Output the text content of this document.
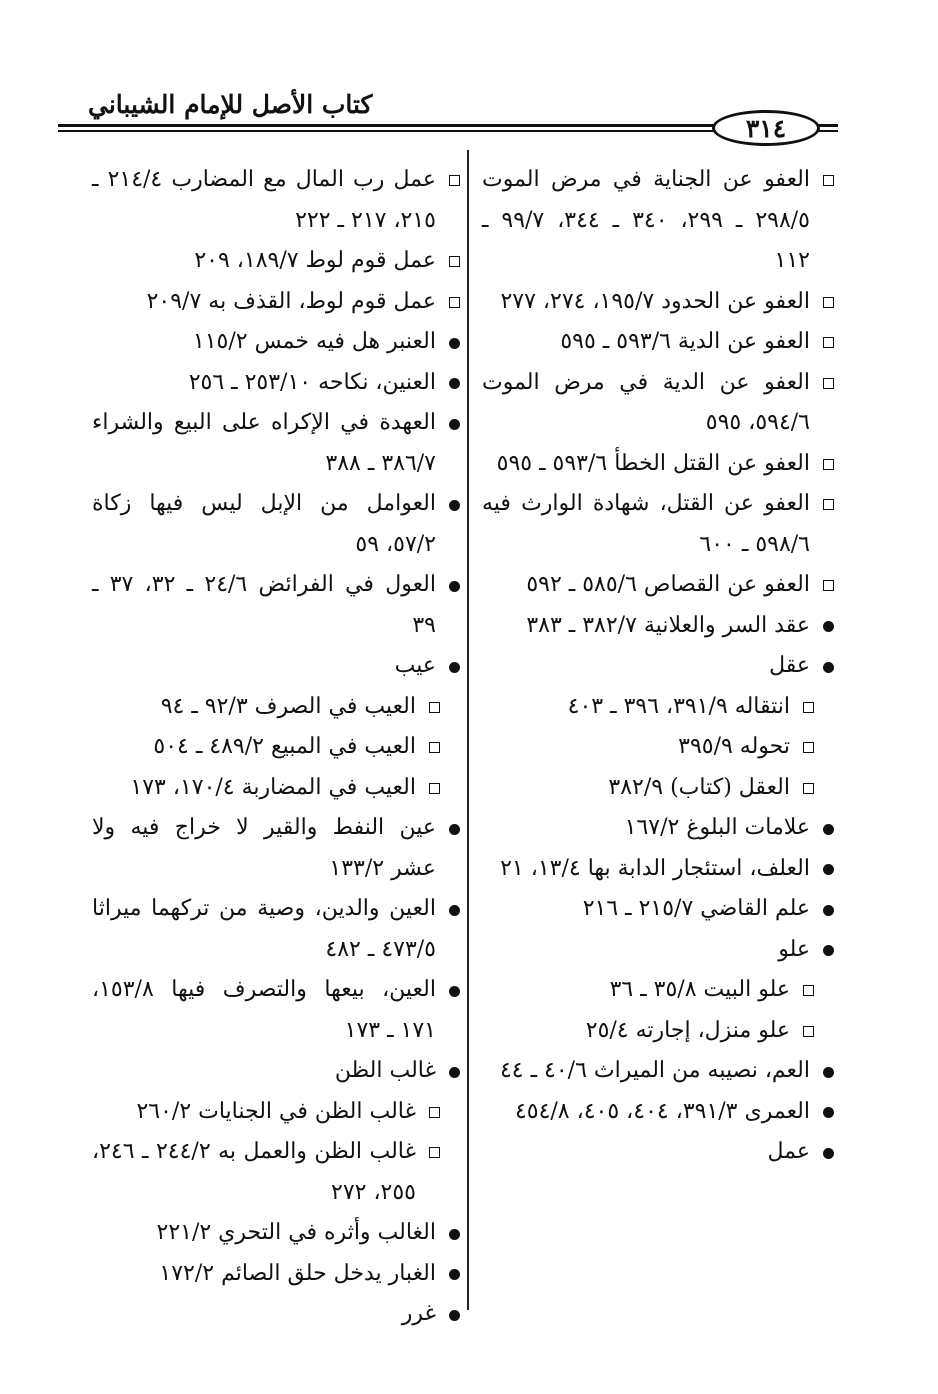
كتاب الأصل للإمام الشيباني
٣١٤
العفو عن الجناية في مرض الموت ٢٩٨/٥ ـ ٢٩٩، ٣٤٠ ـ ٣٤٤، ٩٩/٧ ـ ١١٢
العفو عن الحدود ١٩٥/٧، ٢٧٤، ٢٧٧
العفو عن الدية ٥٩٣/٦ ـ ٥٩٥
العفو عن الدية في مرض الموت ٥٩٤/٦، ٥٩٥
العفو عن القتل الخطأ ٥٩٣/٦ ـ ٥٩٥
العفو عن القتل، شهادة الوارث فيه ٥٩٨/٦ ـ ٦٠٠
العفو عن القصاص ٥٨٥/٦ ـ ٥٩٢
عقد السر والعلانية ٣٨٢/٧ ـ ٣٨٣
عقل
انتقاله ٣٩١/٩، ٣٩٦ ـ ٤٠٣
تحوله ٣٩٥/٩
العقل (كتاب) ٣٨٢/٩
علامات البلوغ ١٦٧/٢
العلف، استئجار الدابة بها ١٣/٤، ٢١
علم القاضي ٢١٥/٧ ـ ٢١٦
علو
علو البيت ٣٥/٨ ـ ٣٦
علو منزل، إجارته ٢٥/٤
العم، نصيبه من الميراث ٤٠/٦ ـ ٤٤
العمرى ٣٩١/٣، ٤٠٤، ٤٠٥، ٤٥٤/٨
عمل
عمل رب المال مع المضارب ٢١٤/٤ ـ ٢١٥، ٢١٧ ـ ٢٢٢
عمل قوم لوط ١٨٩/٧، ٢٠٩
عمل قوم لوط، القذف به ٢٠٩/٧
العنبر هل فيه خمس ١١٥/٢
العنين، نكاحه ٢٥٣/١٠ ـ ٢٥٦
العهدة في الإكراه على البيع والشراء ٣٨٦/٧ ـ ٣٨٨
العوامل من الإبل ليس فيها زكاة ٥٧/٢، ٥٩
العول في الفرائض ٢٤/٦ ـ ٣٢، ٣٧ ـ ٣٩
عيب
العيب في الصرف ٩٢/٣ ـ ٩٤
العيب في المبيع ٤٨٩/٢ ـ ٥٠٤
العيب في المضاربة ١٧٠/٤، ١٧٣
عين النفط والقير لا خراج فيه ولا عشر ١٣٣/٢
العين والدين، وصية من تركهما ميراثا ٤٧٣/٥ ـ ٤٨٢
العين، بيعها والتصرف فيها ١٥٣/٨، ١٧١ ـ ١٧٣
غالب الظن
غالب الظن في الجنايات ٢٦٠/٢
غالب الظن والعمل به ٢٤٤/٢ ـ ٢٤٦، ٢٥٥، ٢٧٢
الغالب وأثره في التحري ٢٢١/٢
الغبار يدخل حلق الصائم ١٧٢/٢
غرر
